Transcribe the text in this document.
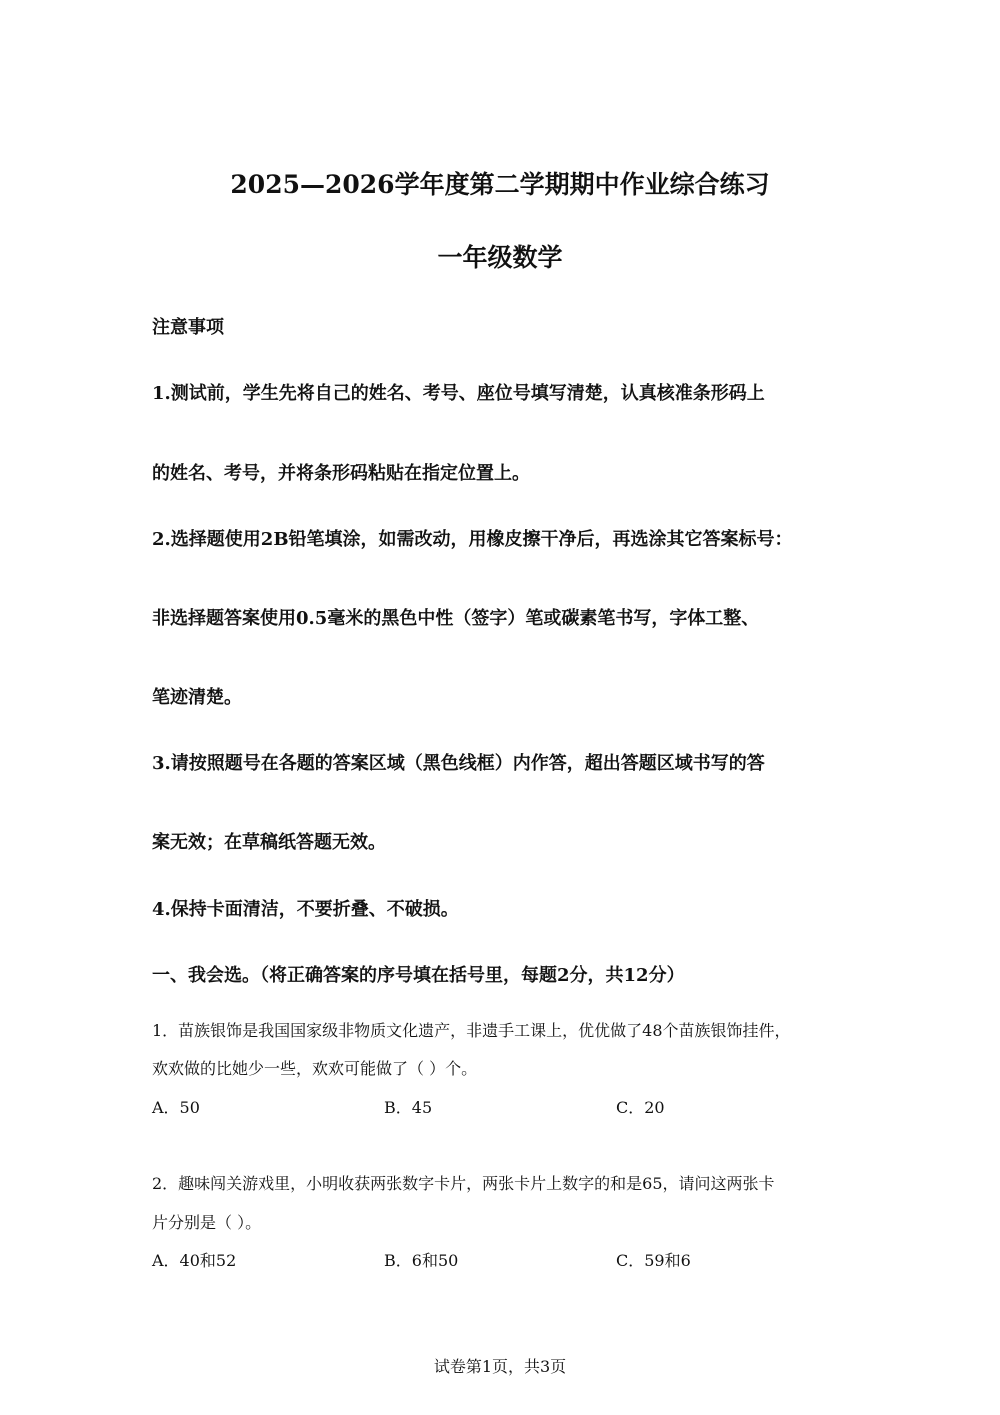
2025—2026学年度第二学期期中作业综合练习
一年级数学
注意事项
1.测试前，学生先将自己的姓名、考号、座位号填写清楚，认真核准条形码上
的姓名、考号，并将条形码粘贴在指定位置上。
2.选择题使用2B铅笔填涂，如需改动，用橡皮擦干净后，再选涂其它答案标号：
非选择题答案使用0.5毫米的黑色中性（签字）笔或碳素笔书写，字体工整、
笔迹清楚。
3.请按照题号在各题的答案区域（黑色线框）内作答，超出答题区域书写的答
案无效；在草稿纸答题无效。
4.保持卡面清洁，不要折叠、不破损。
一、我会选。（将正确答案的序号填在括号里，每题2分，共12分）
1．苗族银饰是我国国家级非物质文化遗产，非遗手工课上，优优做了48个苗族银饰挂件，
欢欢做的比她少一些，欢欢可能做了（ ）个。
A．50	B．45	C．20
2．趣味闯关游戏里，小明收获两张数字卡片，两张卡片上数字的和是65，请问这两张卡
片分别是（ ）。
A．40和52	B．6和50	C．59和6
试卷第1页，共3页
